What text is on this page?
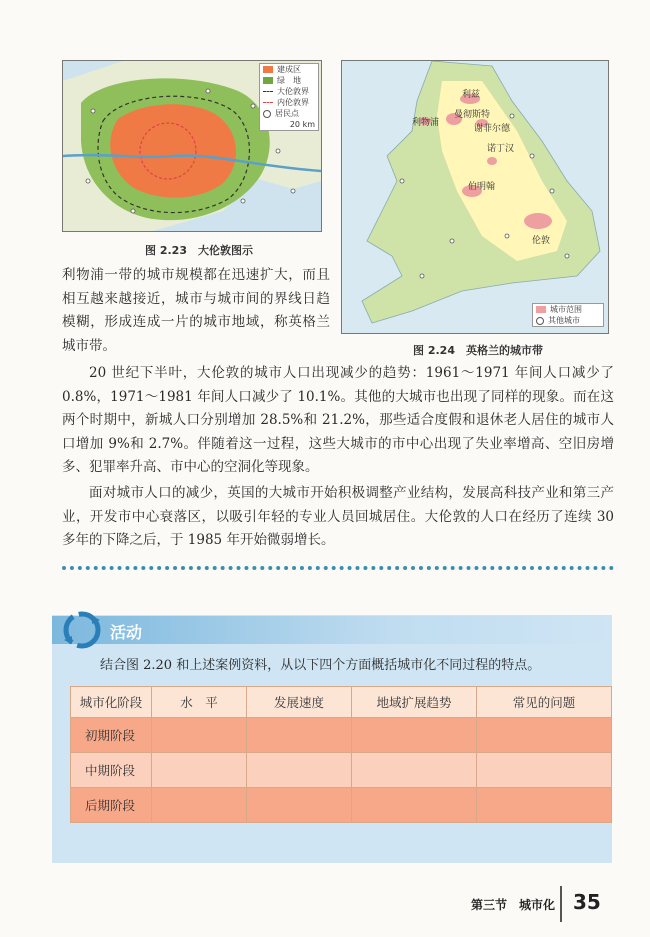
建成区
绿　地
大伦敦界
内伦敦界
居民点
20 km
图 2.23　大伦敦图示
利兹
曼彻斯特
谢菲尔德
利物浦
诺丁汉
伯明翰
伦敦
城市范围
其他城市
图 2.24　英格兰的城市带
利物浦一带的城市规模都在迅速扩大，而且相互越来越接近，城市与城市间的界线日趋模糊，形成连成一片的城市地域，称英格兰城市带。
20 世纪下半叶，大伦敦的城市人口出现减少的趋势：1961～1971 年间人口减少了 0.8%，1971～1981 年间人口减少了 10.1%。其他的大城市也出现了同样的现象。而在这两个时期中，新城人口分别增加 28.5%和 21.2%，那些适合度假和退休老人居住的城市人口增加 9%和 2.7%。伴随着这一过程，这些大城市的市中心出现了失业率增高、空旧房增多、犯罪率升高、市中心的空洞化等现象。
面对城市人口的减少，英国的大城市开始积极调整产业结构，发展高科技产业和第三产业，开发市中心衰落区，以吸引年轻的专业人员回城居住。大伦敦的人口在经历了连续 30 多年的下降之后，于 1985 年开始微弱增长。
活动
结合图 2.20 和上述案例资料，从以下四个方面概括城市化不同过程的特点。
城市化阶段	水　平	发展速度	地域扩展趋势	常见的问题
初期阶段				
中期阶段				
后期阶段				
第三节　城市化 35
